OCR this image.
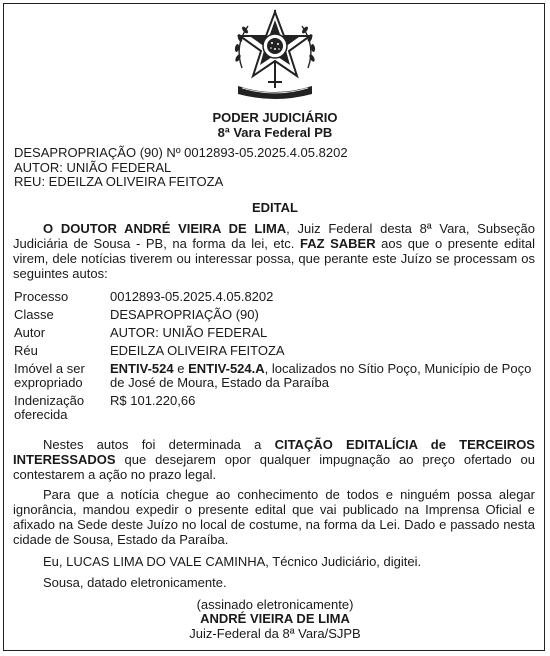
PODER JUDICIÁRIO
8ª Vara Federal PB
DESAPROPRIAÇÃO (90) Nº 0012893-05.2025.4.05.8202
AUTOR: UNIÃO FEDERAL
REU: EDEILZA OLIVEIRA FEITOZA
EDITAL
O DOUTOR ANDRÉ VIEIRA DE LIMA, Juiz Federal desta 8ª Vara, Subseção Judiciária de Sousa - PB, na forma da lei, etc. FAZ SABER aos que o presente edital virem, dele notícias tiverem ou interessar possa, que perante este Juízo se processam os seguintes autos:
Processo	0012893-05.2025.4.05.8202
Classe	DESAPROPRIAÇÃO (90)
Autor	AUTOR: UNIÃO FEDERAL
Réu	EDEILZA OLIVEIRA FEITOZA
Imóvel a ser expropriado	ENTIV-524 e ENTIV-524.A, localizados no Sítio Poço, Município de Poço de José de Moura, Estado da Paraíba
Indenização oferecida	R$ 101.220,66
Nestes autos foi determinada a CITAÇÃO EDITALÍCIA de TERCEIROS INTERESSADOS que desejarem opor qualquer impugnação ao preço ofertado ou contestarem a ação no prazo legal.
Para que a notícia chegue ao conhecimento de todos e ninguém possa alegar ignorância, mandou expedir o presente edital que vai publicado na Imprensa Oficial e afixado na Sede deste Juízo no local de costume, na forma da Lei. Dado e passado nesta cidade de Sousa, Estado da Paraíba.
Eu, LUCAS LIMA DO VALE CAMINHA, Técnico Judiciário, digitei.
Sousa, datado eletronicamente.
(assinado eletronicamente)
ANDRÉ VIEIRA DE LIMA
Juiz-Federal da 8ª Vara/SJPB
